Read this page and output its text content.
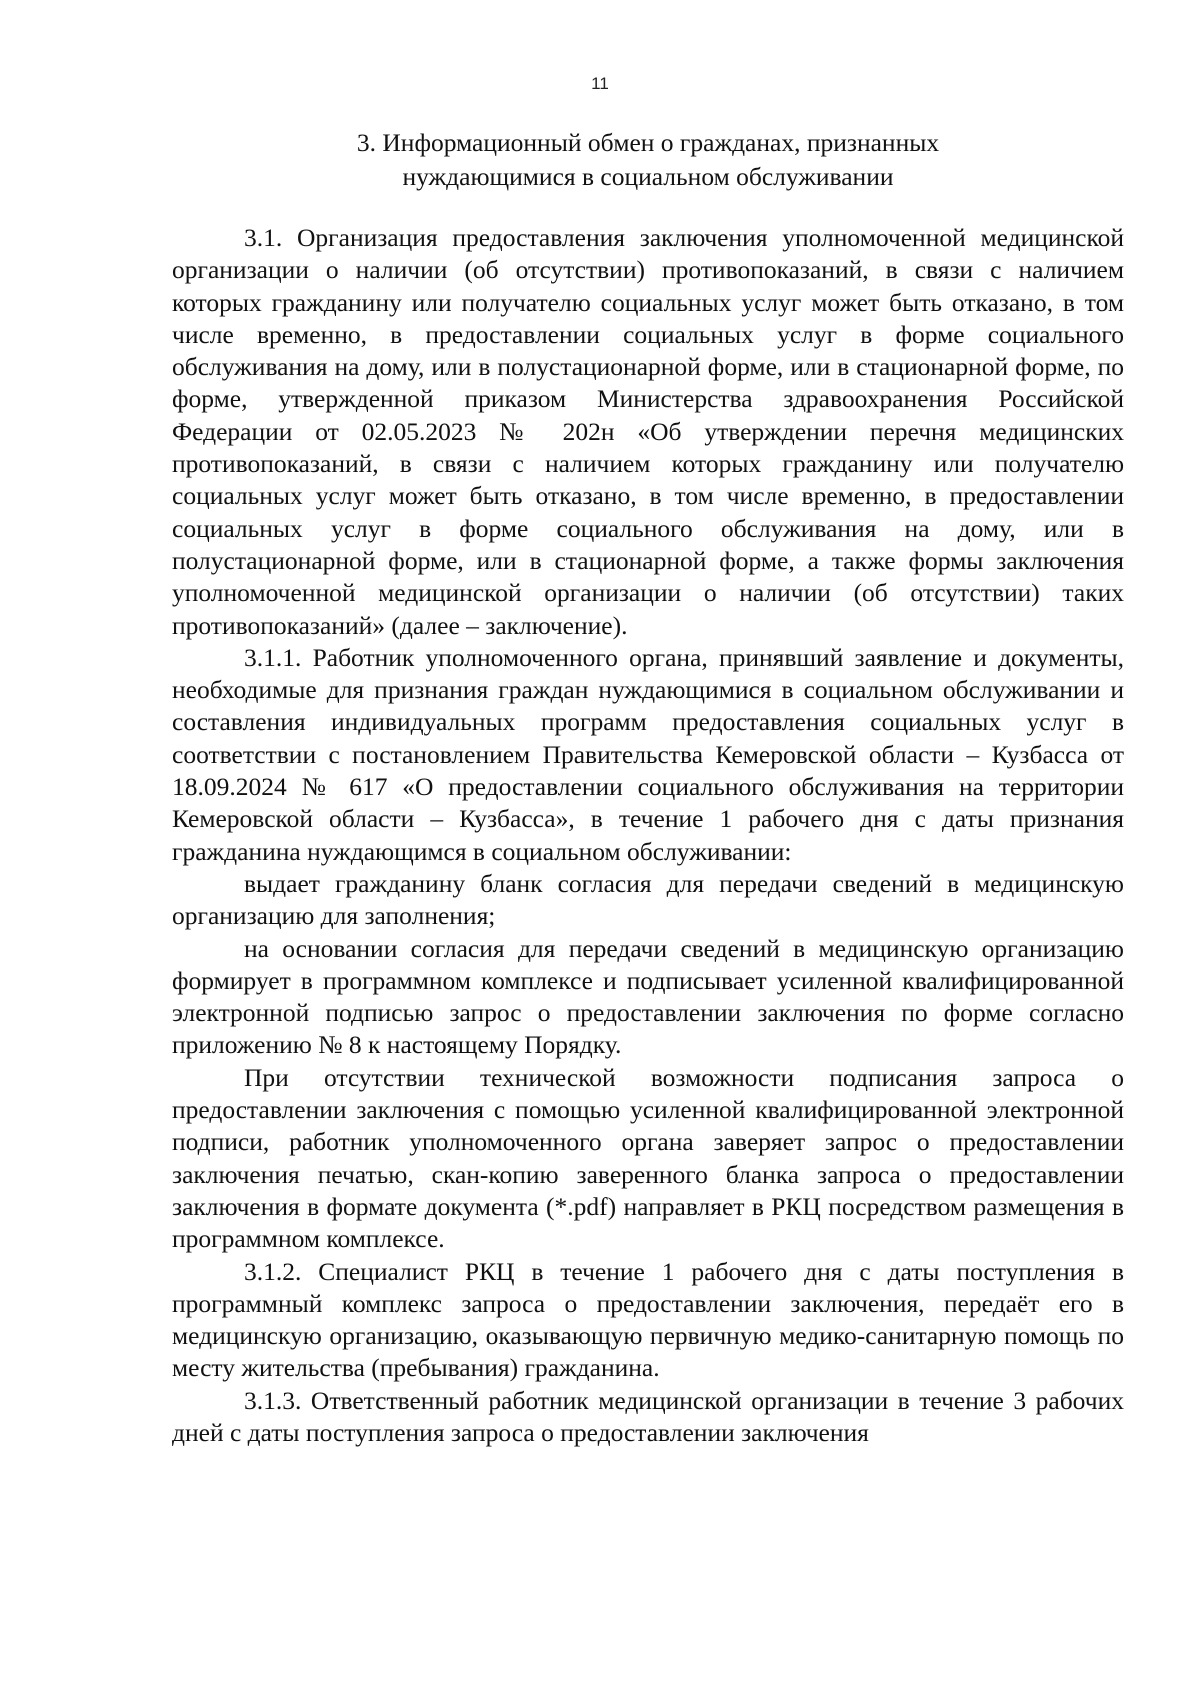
11
3. Информационный обмен о гражданах, признанных
нуждающимися в социальном обслуживании

3.1. Организация предоставления заключения уполномоченной медицинской организации о наличии (об отсутствии) противопоказаний, в связи с наличием которых гражданину или получателю социальных услуг может быть отказано, в том числе временно, в предоставлении социальных услуг в форме социального обслуживания на дому, или в полустационарной форме, или в стационарной форме, по форме, утвержденной приказом Министерства здравоохранения Российской Федерации от 02.05.2023 № 202н «Об утверждении перечня медицинских противопоказаний, в связи с наличием которых гражданину или получателю социальных услуг может быть отказано, в том числе временно, в предоставлении социальных услуг в форме социального обслуживания на дому, или в полустационарной форме, или в стационарной форме, а также формы заключения уполномоченной медицинской организации о наличии (об отсутствии) таких противопоказаний» (далее – заключение).

3.1.1. Работник уполномоченного органа, принявший заявление и документы, необходимые для признания граждан нуждающимися в социальном обслуживании и составления индивидуальных программ предоставления социальных услуг в соответствии с постановлением Правительства Кемеровской области – Кузбасса от 18.09.2024 № 617 «О предоставлении социального обслуживания на территории Кемеровской области – Кузбасса», в течение 1 рабочего дня с даты признания гражданина нуждающимся в социальном обслуживании:

выдает гражданину бланк согласия для передачи сведений в медицинскую организацию для заполнения;

на основании согласия для передачи сведений в медицинскую организацию формирует в программном комплексе и подписывает усиленной квалифицированной электронной подписью запрос о предоставлении заключения по форме согласно приложению № 8 к настоящему Порядку.

При отсутствии технической возможности подписания запроса о предоставлении заключения с помощью усиленной квалифицированной электронной подписи, работник уполномоченного органа заверяет запрос о предоставлении заключения печатью, скан-копию заверенного бланка запроса о предоставлении заключения в формате документа (*.pdf) направляет в РКЦ посредством размещения в программном комплексе.

3.1.2. Специалист РКЦ в течение 1 рабочего дня с даты поступления в программный комплекс запроса о предоставлении заключения, передаёт его в медицинскую организацию, оказывающую первичную медико-санитарную помощь по месту жительства (пребывания) гражданина.

3.1.3. Ответственный работник медицинской организации в течение 3 рабочих дней с даты поступления запроса о предоставлении заключения
